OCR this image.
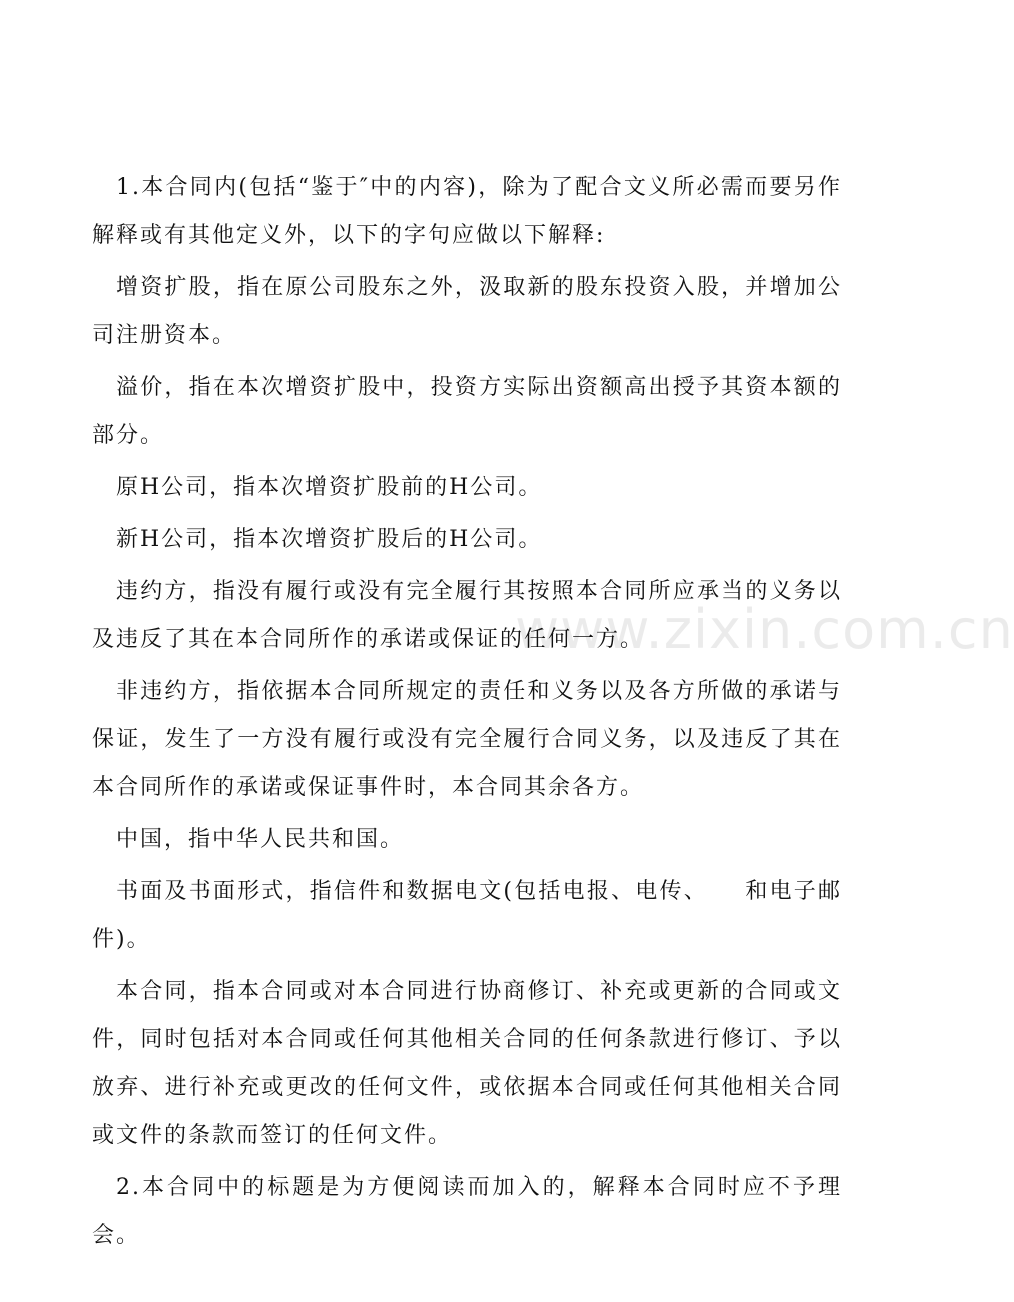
1.本合同内(包括“鉴于″中的内容)，除为了配合文义所必需而要另作解释或有其他定义外，以下的字句应做以下解释:

增资扩股，指在原公司股东之外，汲取新的股东投资入股，并增加公司注册资本。

溢价，指在本次增资扩股中，投资方实际出资额高出授予其资本额的部分。

原H公司，指本次增资扩股前的H公司。

新H公司，指本次增资扩股后的H公司。

违约方，指没有履行或没有完全履行其按照本合同所应承当的义务以及违反了其在本合同所作的承诺或保证的任何一方。

非违约方，指依据本合同所规定的责任和义务以及各方所做的承诺与保证，发生了一方没有履行或没有完全履行合同义务，以及违反了其在本合同所作的承诺或保证事件时，本合同其余各方。

中国，指中华人民共和国。

书面及书面形式，指信件和数据电文(包括电报、电传、　　和电子邮件)。

本合同，指本合同或对本合同进行协商修订、补充或更新的合同或文件，同时包括对本合同或任何其他相关合同的任何条款进行修订、予以放弃、进行补充或更改的任何文件，或依据本合同或任何其他相关合同或文件的条款而签订的任何文件。

2.本合同中的标题是为方便阅读而加入的，解释本合同时应不予理会。

www.zixin.com.cn
